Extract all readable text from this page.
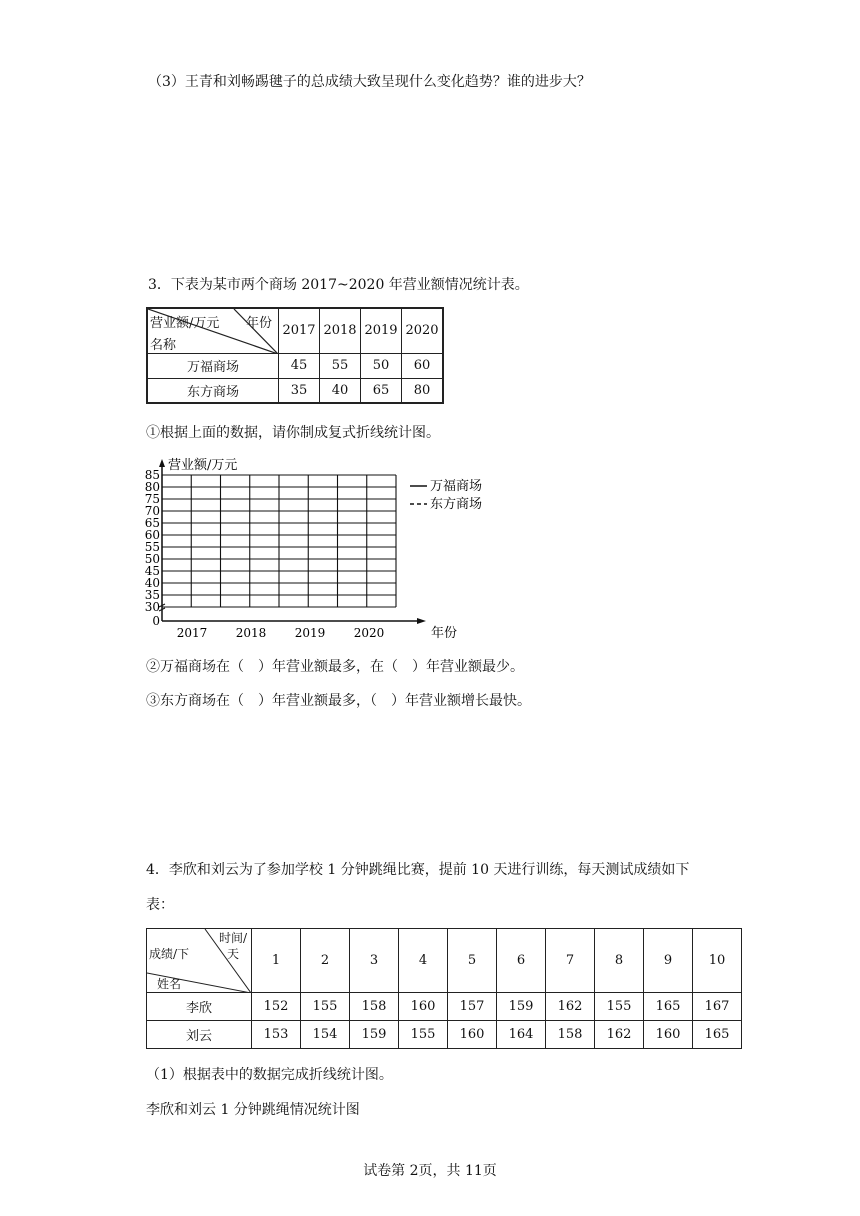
（3）王青和刘畅踢毽子的总成绩大致呈现什么变化趋势？谁的进步大？
3．下表为某市两个商场 2017~2020 年营业额情况统计表。
营业额/万元 年份
名称	2017	2018	2019	2020
万福商场	45	55	50	60
东方商场	35	40	65	80
①根据上面的数据，请你制成复式折线统计图。
85
80
75
70
65
60
55
50
45
40
35
30
0
2017 2018 2019 2020
营业额/万元
年份
万福商场
东方商场
②万福商场在（　）年营业额最多，在（　）年营业额最少。
③东方商场在（　）年营业额最多，（　）年营业额增长最快。
4．李欣和刘云为了参加学校 1 分钟跳绳比赛，提前 10 天进行训练，每天测试成绩如下
表：
时间/
天
成绩/下
姓名	1	2	3	4	5	6	7	8	9	10
李欣	152	155	158	160	157	159	162	155	165	167
刘云	153	154	159	155	160	164	158	162	160	165
（1）根据表中的数据完成折线统计图。
李欣和刘云 1 分钟跳绳情况统计图
试卷第 2页，共 11页
